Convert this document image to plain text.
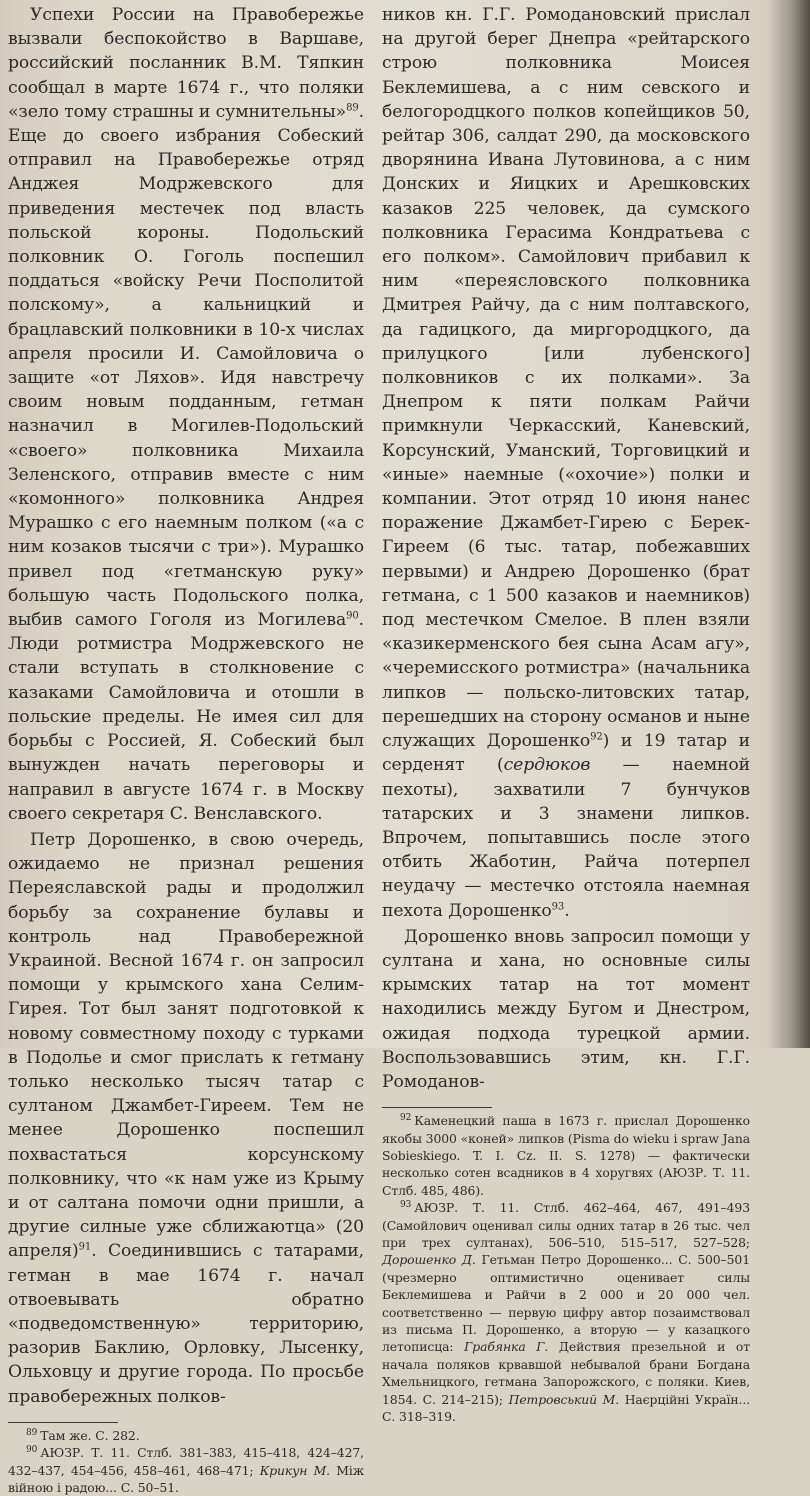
Успехи России на Правобережье вызвали беспокойство в Варшаве, российский посланник В.М. Тяпкин сообщал в марте 1674 г., что поляки «зело тому страшны и сумнительны»$^{89}$. Еще до своего избрания Собеский отправил на Правобережье отряд Анджея Модржевского для приведения местечек под власть польской короны. Подольский полковник О. Гоголь поспешил поддаться «войску Речи Посполитой полскому», а кальницкий и брацлавский полковники в 10-х числах апреля просили И. Самойловича о защите «от Ляхов». Идя навстречу своим новым подданным, гетман назначил в Могилев-Подольский «своего» полковника Михаила Зеленского, отправив вместе с ним «комонного» полковника Андрея Мурашко с его наемным полком («а с ним козаков тысячи с три»). Мурашко привел под «гетманскую руку» большую часть Подольского полка, выбив самого Гоголя из Могилева$^{90}$. Люди ротмистра Модржевского не стали вступать в столкновение с казаками Самойловича и отошли в польские пределы. Не имея сил для борьбы с Россией, Я. Собеский был вынужден начать переговоры и направил в августе 1674 г. в Москву своего секретаря С. Венславского.

Петр Дорошенко, в свою очередь, ожидаемо не признал решения Переяславской рады и продолжил борьбу за сохранение булавы и контроль над Правобережной Украиной. Весной 1674 г. он запросил помощи у крымского хана Селим-Гирея. Тот был занят подготовкой к новому совместному походу с турками в Подолье и смог прислать к гетману только несколько тысяч татар с султаном Джамбет-Гиреем. Тем не менее Дорошенко поспешил похвастаться корсунскому полковнику, что «к нам уже из Крыму и от салтана помочи одни пришли, а другие силные уже сближаютца» (20 апреля)$^{91}$. Соединившись с татарами, гетман в мае 1674 г. начал отвоевывать обратно «подведомственную» территорию, разорив Баклию, Орловку, Лысенку, Ольховцу и другие города. По просьбе правобережных полков-

$^{89}$ Там же. С. 282.

$^{90}$ АЮЗР. Т. 11. Стлб. 381–383, 415–418, 424–427, 432–437, 454–456, 458–461, 468–471; Крикун М. Між війною і радою... С. 50–51.

ников кн. Г.Г. Ромодановский прислал на другой берег Днепра «рейтарского строю полковника Моисея Беклемишева, а с ним севского и белогородцкого полков копейщиков 50, рейтар 306, салдат 290, да московского дворянина Ивана Лутовинова, а с ним Донских и Яицких и Арешковских казаков 225 человек, да сумского полковника Герасима Кондратьева с его полком». Самойлович прибавил к ним «переясловского полковника Дмитрея Райчу, да с ним полтавского, да гадицкого, да миргородцкого, да прилуцкого [или лубенского] полковников с их полками». За Днепром к пяти полкам Райчи примкнули Черкасский, Каневский, Корсунский, Уманский, Торговицкий и «иные» наемные («охочие») полки и компании. Этот отряд 10 июня нанес поражение Джамбет-Гирею с Берек-Гиреем (6 тыс. татар, побежавших первыми) и Андрею Дорошенко (брат гетмана, с 1 500 казаков и наемников) под местечком Смелое. В плен взяли «казикерменского бея сына Асам агу», «черемисского ротмистра» (начальника липков — польско-литовских татар, перешедших на сторону османов и ныне служащих Дорошенко$^{92}$) и 19 татар и серденят (сердюков — наемной пехоты), захватили 7 бунчуков татарских и 3 знамени липков. Впрочем, попытавшись после этого отбить Жаботин, Райча потерпел неудачу — местечко отстояла наемная пехота Дорошенко$^{93}$.

Дорошенко вновь запросил помощи у султана и хана, но основные силы крымских татар на тот момент находились между Бугом и Днестром, ожидая подхода турецкой армии. Воспользовавшись этим, кн. Г.Г. Ромоданов-

$^{92}$ Каменецкий паша в 1673 г. прислал Дорошенко якобы 3000 «коней» липков (Pisma do wieku i spraw Jana Sobieskiego. T. I. Cz. II. S. 1278) — фактически несколько сотен всадников в 4 хоругвях (АЮЗР. Т. 11. Стлб. 485, 486).

$^{93}$ АЮЗР. Т. 11. Стлб. 462–464, 467, 491–493 (Самойлович оценивал силы одних татар в 26 тыс. чел при трех султанах), 506–510, 515–517, 527–528; Дорошенко Д. Гетьман Петро Дорошенко... С. 500–501 (чрезмерно оптимистично оценивает силы Беклемишева и Райчи в 2 000 и 20 000 чел. соответственно — первую цифру автор позаимствовал из письма П. Дорошенко, а вторую — у казацкого летописца: Грабянка Г. Действия презельной и от начала поляков крвавшой небывалой брани Богдана Хмельницкого, гетмана Запорожского, с поляки. Киев, 1854. С. 214–215); Петровський М. Наєрційні Україн... С. 318–319.
